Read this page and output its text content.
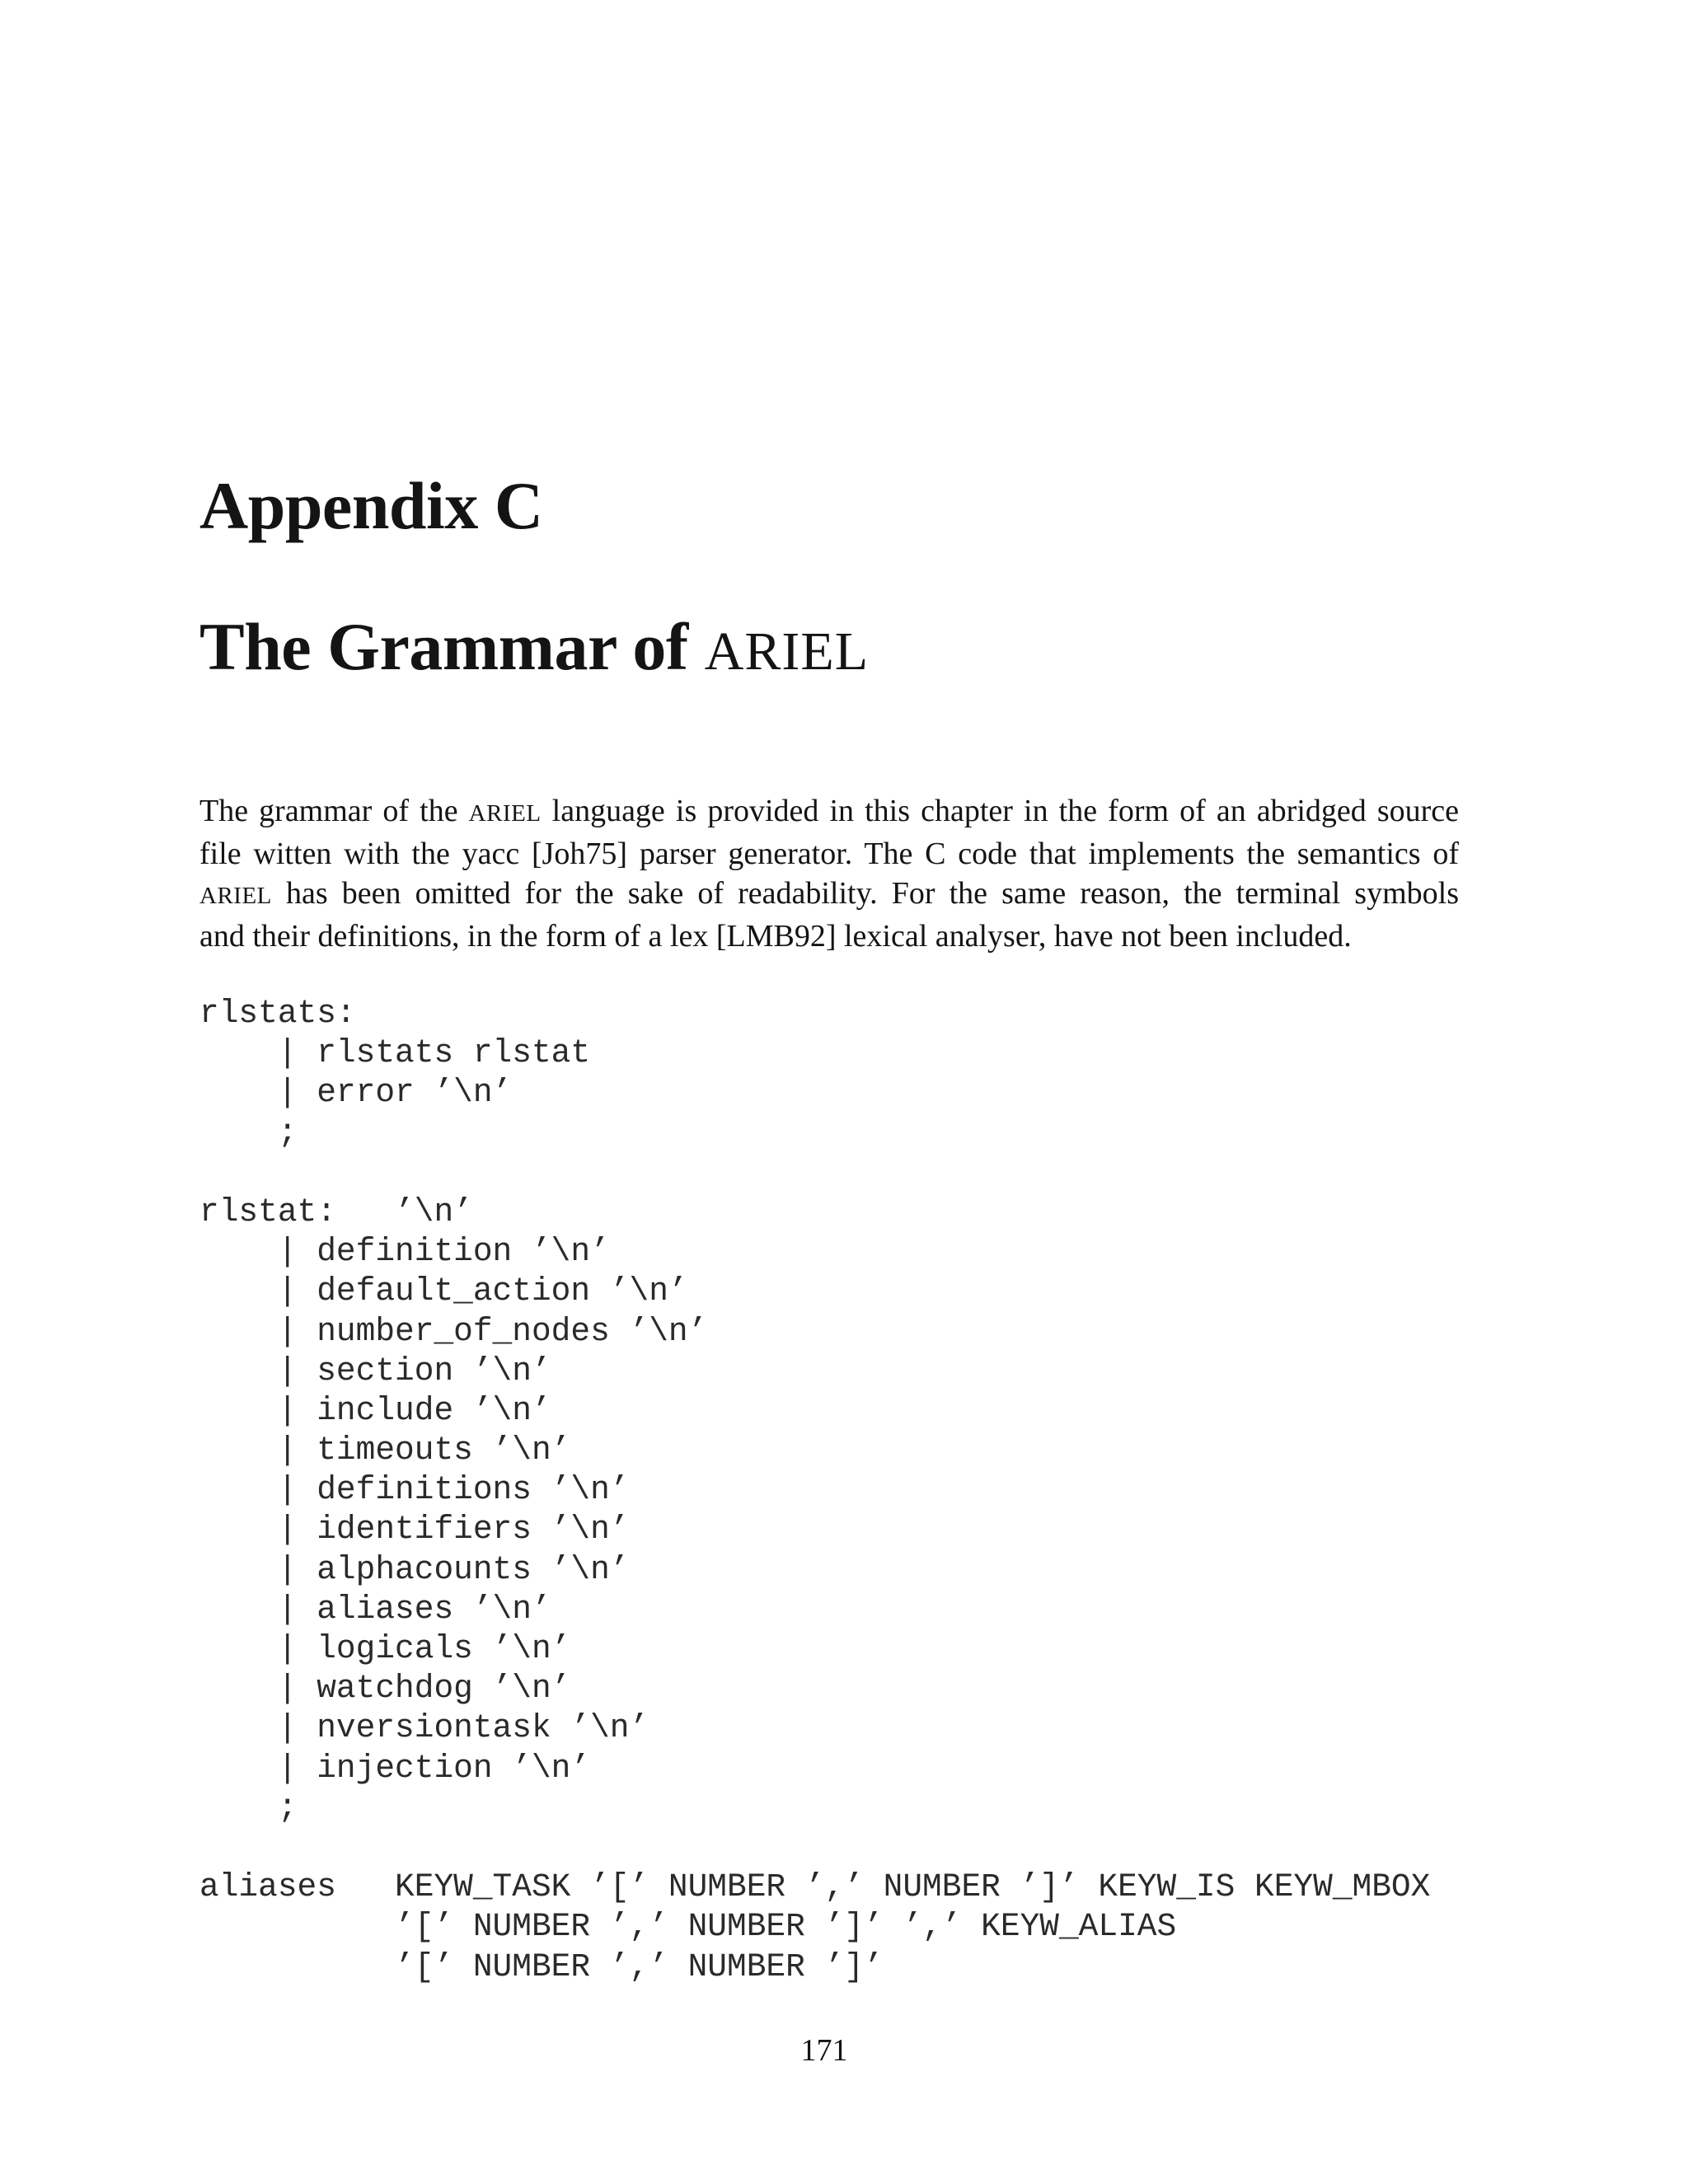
Appendix C
The Grammar of ARIEL

The grammar of the ARIEL language is provided in this chapter in the form of an abridged source
file witten with the yacc [Joh75] parser generator. The C code that implements the semantics of
ARIEL has been omitted for the sake of readability. For the same reason, the terminal symbols
and their definitions, in the form of a lex [LMB92] lexical analyser, have not been included.

rlstats:
| rlstats rlstat
| error ’\n’
;
rlstat:   ’\n’
| definition ’\n’
| default_action ’\n’
| number_of_nodes ’\n’
| section ’\n’
| include ’\n’
| timeouts ’\n’
| definitions ’\n’
| identifiers ’\n’
| alphacounts ’\n’
| aliases ’\n’
| logicals ’\n’
| watchdog ’\n’
| nversiontask ’\n’
| injection ’\n’
;
aliases   KEYW_TASK ’[’ NUMBER ’,’ NUMBER ’]’ KEYW_IS KEYW_MBOX
’[’ NUMBER ’,’ NUMBER ’]’ ’,’ KEYW_ALIAS
’[’ NUMBER ’,’ NUMBER ’]’

171
